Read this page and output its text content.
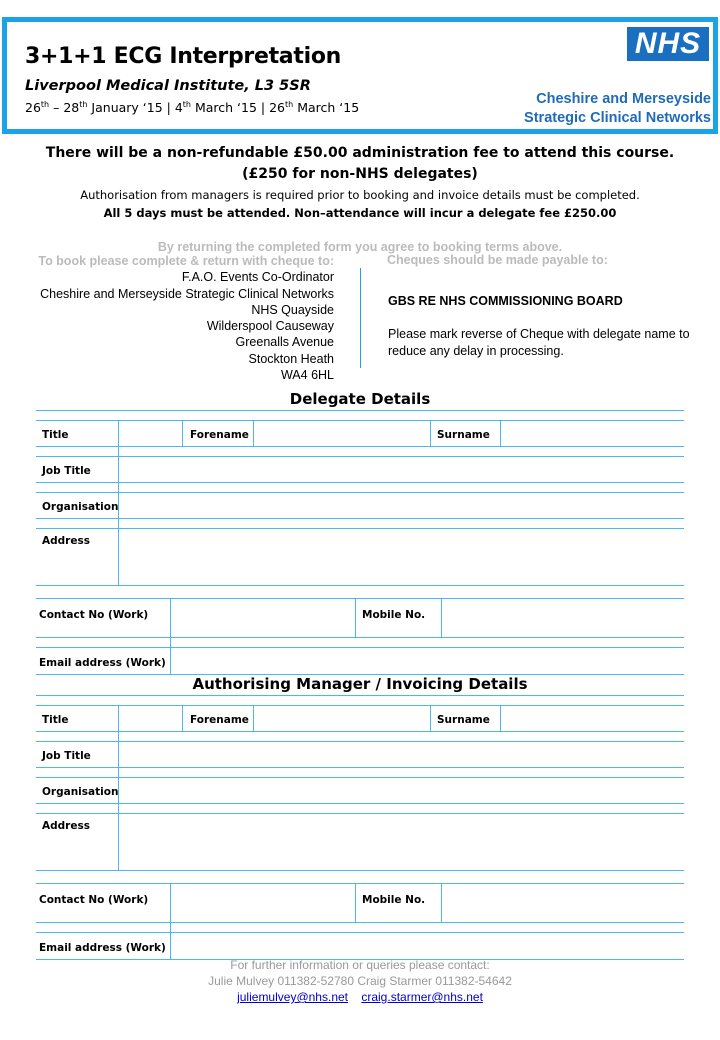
3+1+1 ECG Interpretation
Liverpool Medical Institute, L3 5SR
26th – 28th January ‘15 | 4th March ‘15 | 26th March ‘15
NHS
Cheshire and Merseyside
Strategic Clinical Networks
There will be a non-refundable £50.00 administration fee to attend this course.
(£250 for non-NHS delegates)
Authorisation from managers is required prior to booking and invoice details must be completed.
All 5 days must be attended. Non–attendance will incur a delegate fee £250.00
By returning the completed form you agree to booking terms above.
To book please complete & return with cheque to:
F.A.O. Events Co-Ordinator
Cheshire and Merseyside Strategic Clinical Networks
NHS Quayside
Wilderspool Causeway
Greenalls Avenue
Stockton Heath
WA4 6HL
Cheques should be made payable to:
GBS RE NHS COMMISSIONING BOARD
Please mark reverse of Cheque with delegate name to reduce any delay in processing.
Delegate Details
Title	Forename	Surname
Job Title
Organisation
Address
Contact No (Work)	Mobile No.
Email address (Work)
Authorising Manager / Invoicing Details
Title	Forename	Surname
Job Title
Organisation
Address
Contact No (Work)	Mobile No.
Email address (Work)
For further information or queries please contact:
Julie Mulvey 011382-52780 Craig Starmer 011382-54642
juliemulvey@nhs.net craig.starmer@nhs.net
